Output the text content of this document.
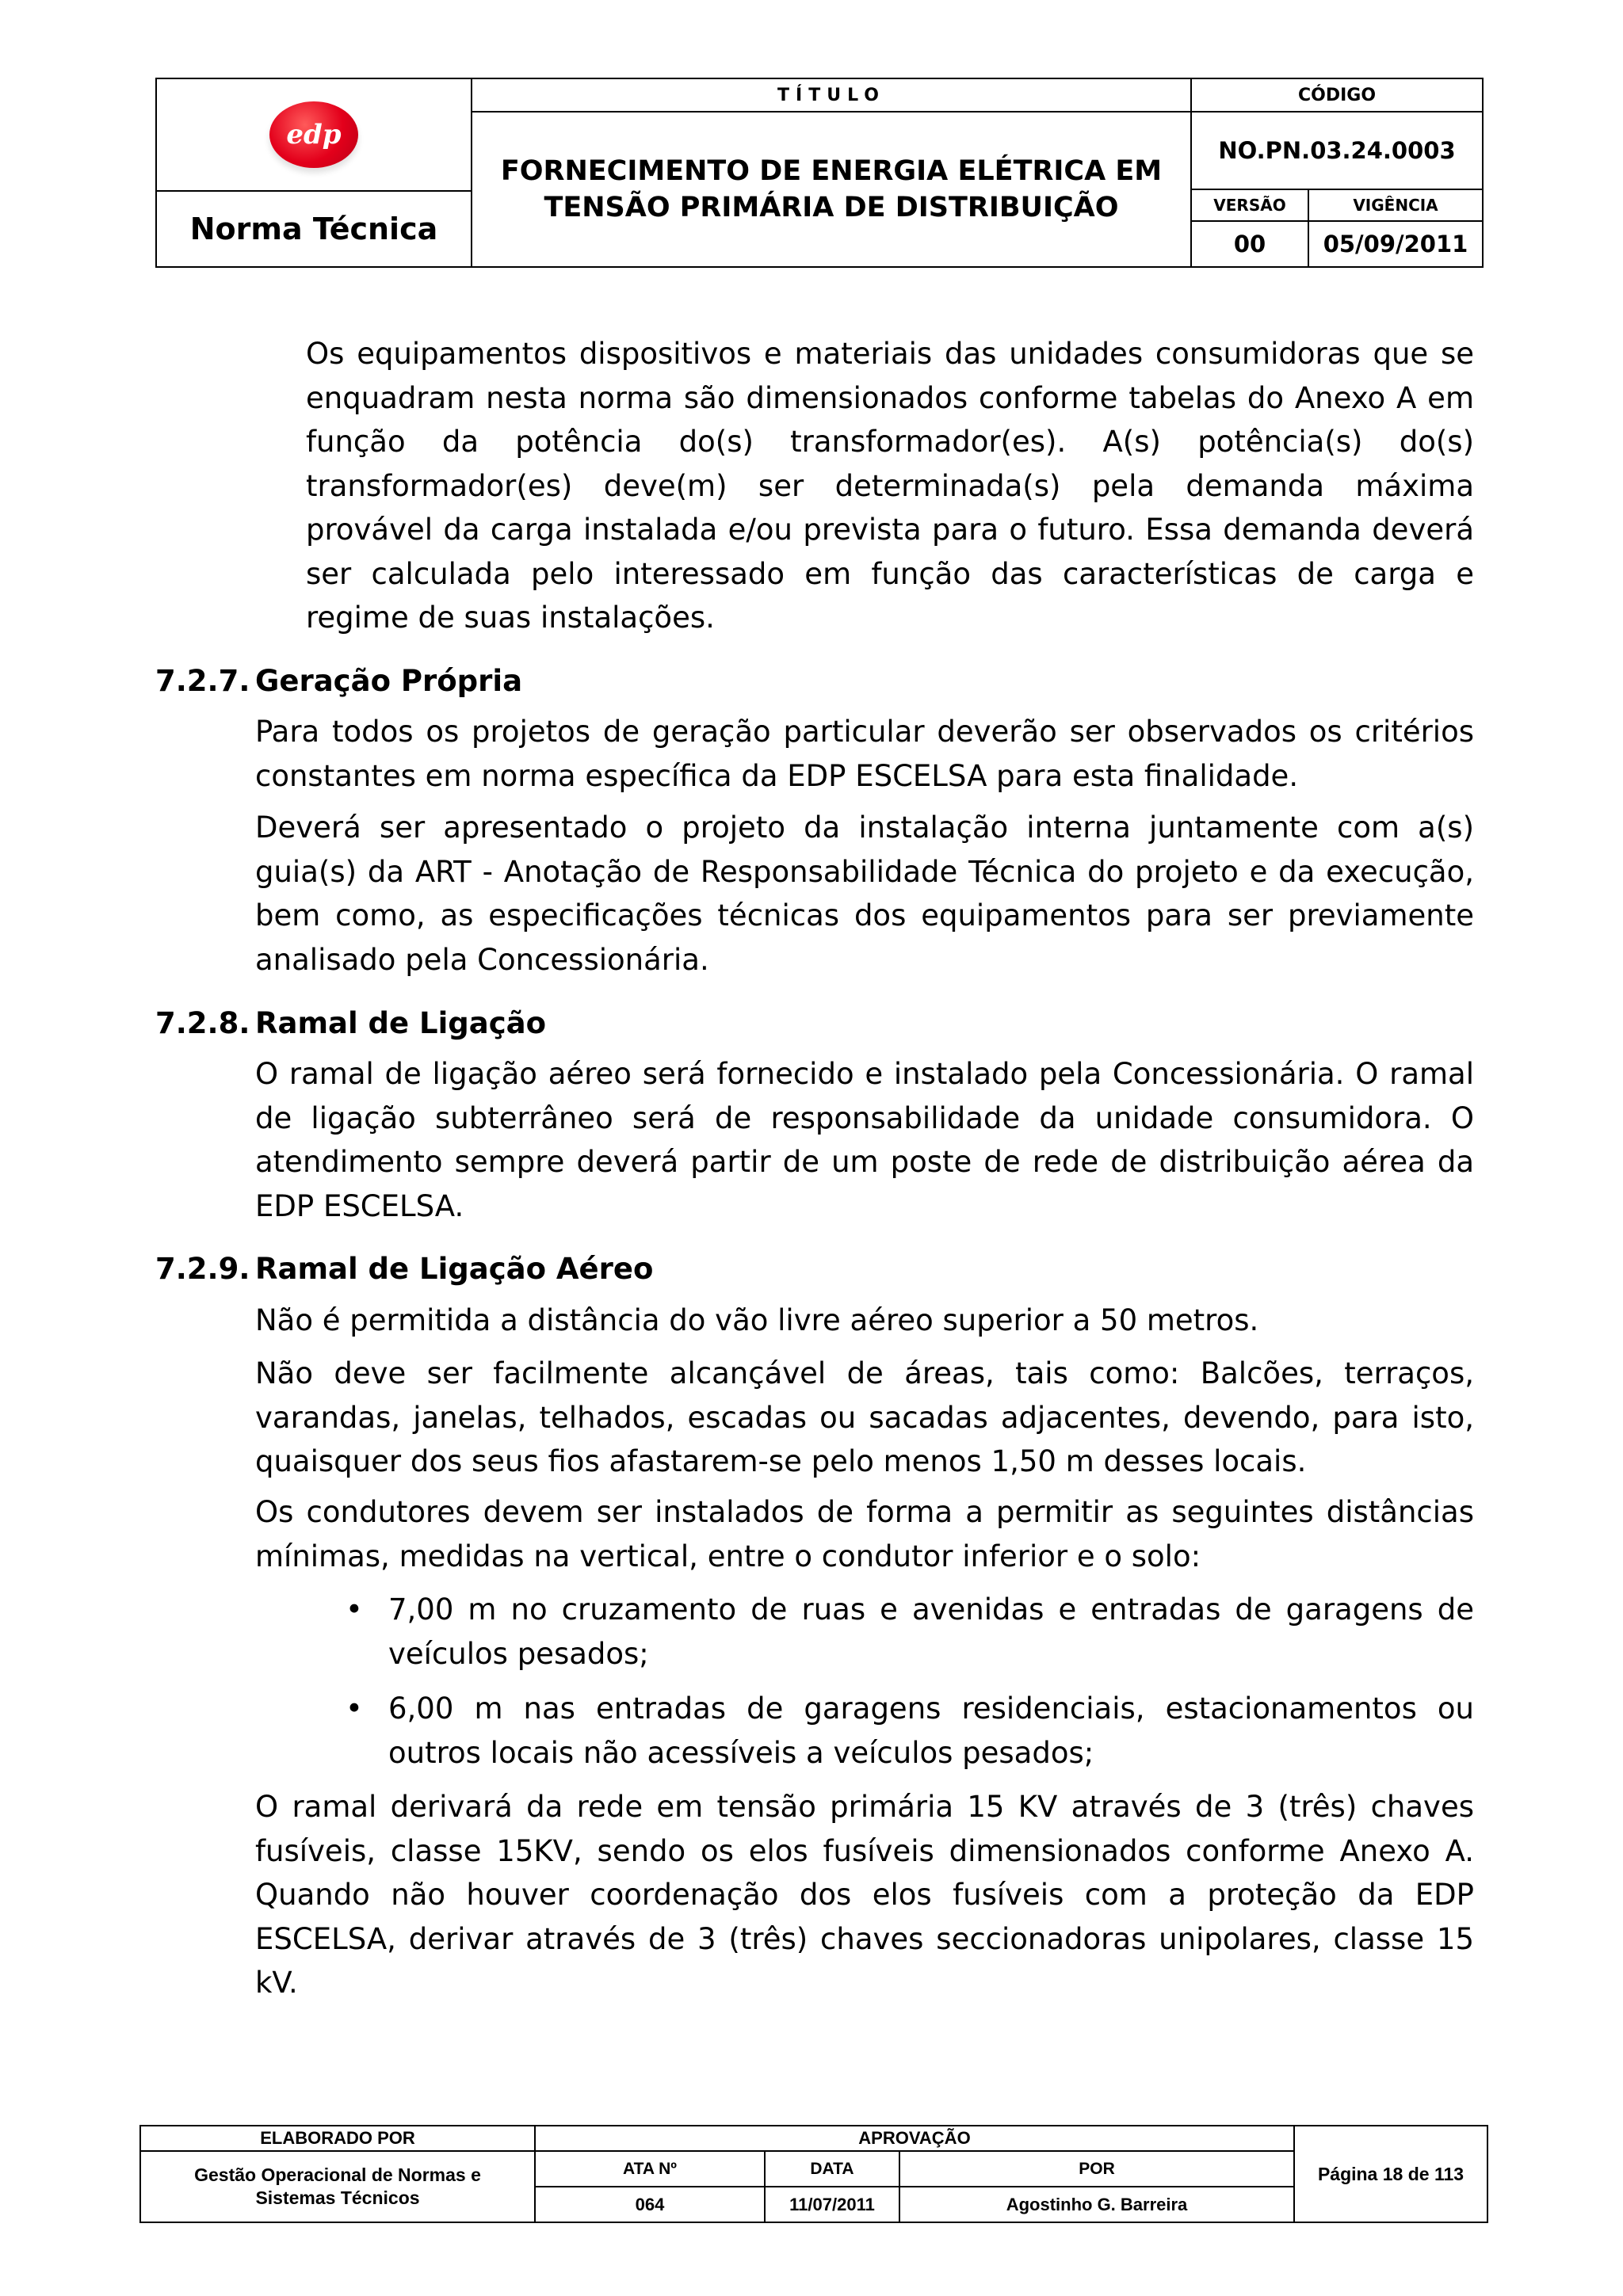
edp
Norma Técnica
TÍTULO
FORNECIMENTO DE ENERGIA ELÉTRICA EM
TENSÃO PRIMÁRIA DE DISTRIBUIÇÃO
CÓDIGO
NO.PN.03.24.0003
VERSÃO	VIGÊNCIA
00	05/09/2011

Os equipamentos dispositivos e materiais das unidades consumidoras que se enquadram nesta norma são dimensionados conforme tabelas do Anexo A em função da potência do(s) transformador(es). A(s) potência(s) do(s) transformador(es) deve(m) ser determinada(s) pela demanda máxima provável da carga instalada e/ou prevista para o futuro. Essa demanda deverá ser calculada pelo interessado em função das características de carga e regime de suas instalações.

7.2.7. Geração Própria

Para todos os projetos de geração particular deverão ser observados os critérios constantes em norma específica da EDP ESCELSA para esta finalidade.

Deverá ser apresentado o projeto da instalação interna juntamente com a(s) guia(s) da ART - Anotação de Responsabilidade Técnica do projeto e da execução, bem como, as especificações técnicas dos equipamentos para ser previamente analisado pela Concessionária.

7.2.8. Ramal de Ligação

O ramal de ligação aéreo será fornecido e instalado pela Concessionária. O ramal de ligação subterrâneo será de responsabilidade da unidade consumidora. O atendimento sempre deverá partir de um poste de rede de distribuição aérea da EDP ESCELSA.

7.2.9. Ramal de Ligação Aéreo

Não é permitida a distância do vão livre aéreo superior a 50 metros.

Não deve ser facilmente alcançável de áreas, tais como: Balcões, terraços, varandas, janelas, telhados, escadas ou sacadas adjacentes, devendo, para isto, quaisquer dos seus fios afastarem-se pelo menos 1,50 m desses locais.

Os condutores devem ser instalados de forma a permitir as seguintes distâncias mínimas, medidas na vertical, entre o condutor inferior e o solo:

• 7,00 m no cruzamento de ruas e avenidas e entradas de garagens de veículos pesados;

• 6,00 m nas entradas de garagens residenciais, estacionamentos ou outros locais não acessíveis a veículos pesados;

O ramal derivará da rede em tensão primária 15 KV através de 3 (três) chaves fusíveis, classe 15KV, sendo os elos fusíveis dimensionados conforme Anexo A. Quando não houver coordenação dos elos fusíveis com a proteção da EDP ESCELSA, derivar através de 3 (três) chaves seccionadoras unipolares, classe 15 kV.

ELABORADO POR
Gestão Operacional de Normas e
Sistemas Técnicos
APROVAÇÃO
ATA Nº	DATA	POR
064	11/07/2011	Agostinho G. Barreira
Página 18 de 113
